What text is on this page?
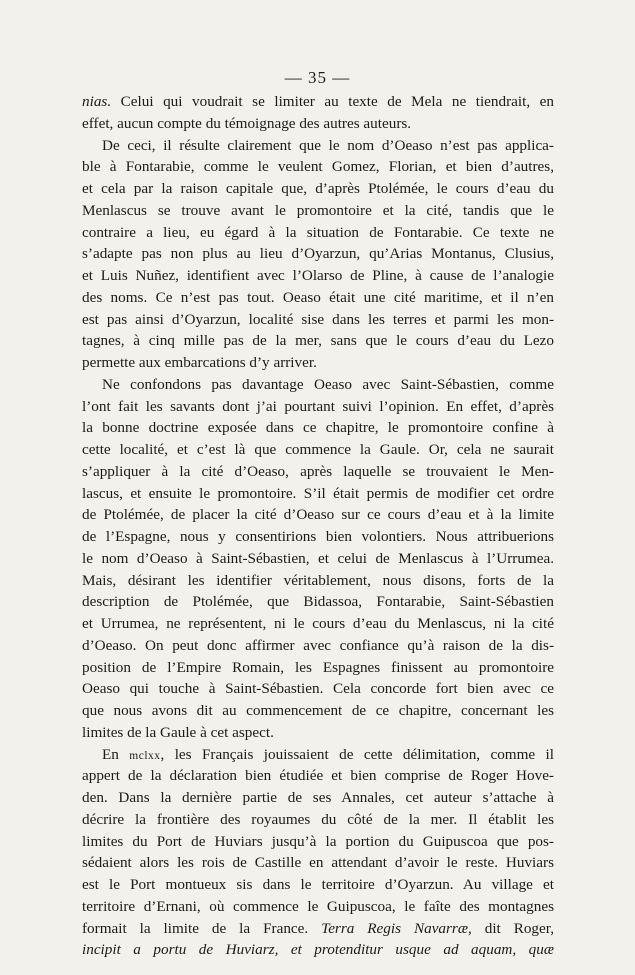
— 35 —
nias. Celui qui voudrait se limiter au texte de Mela ne tiendrait, en
effet, aucun compte du témoignage des autres auteurs.
De ceci, il résulte clairement que le nom d’Oeaso n’est pas applica-
ble à Fontarabie, comme le veulent Gomez, Florian, et bien d’autres,
et cela par la raison capitale que, d’après Ptolémée, le cours d’eau du
Menlascus se trouve avant le promontoire et la cité, tandis que le
contraire a lieu, eu égard à la situation de Fontarabie. Ce texte ne
s’adapte pas non plus au lieu d’Oyarzun, qu’Arias Montanus, Clusius,
et Luis Nuñez, identifient avec l’Olarso de Pline, à cause de l’analogie
des noms. Ce n’est pas tout. Oeaso était une cité maritime, et il n’en
est pas ainsi d’Oyarzun, localité sise dans les terres et parmi les mon-
tagnes, à cinq mille pas de la mer, sans que le cours d’eau du Lezo
permette aux embarcations d’y arriver.
Ne confondons pas davantage Oeaso avec Saint-Sébastien, comme
l’ont fait les savants dont j’ai pourtant suivi l’opinion. En effet, d’après
la bonne doctrine exposée dans ce chapitre, le promontoire confine à
cette localité, et c’est là que commence la Gaule. Or, cela ne saurait
s’appliquer à la cité d’Oeaso, après laquelle se trouvaient le Men-
lascus, et ensuite le promontoire. S’il était permis de modifier cet ordre
de Ptolémée, de placer la cité d’Oeaso sur ce cours d’eau et à la limite
de l’Espagne, nous y consentirions bien volontiers. Nous attribuerions
le nom d’Oeaso à Saint-Sébastien, et celui de Menlascus à l’Urrumea.
Mais, désirant les identifier véritablement, nous disons, forts de la
description de Ptolémée, que Bidassoa, Fontarabie, Saint-Sébastien
et Urrumea, ne représentent, ni le cours d’eau du Menlascus, ni la cité
d’Oeaso. On peut donc affirmer avec confiance qu’à raison de la dis-
position de l’Empire Romain, les Espagnes finissent au promontoire
Oeaso qui touche à Saint-Sébastien. Cela concorde fort bien avec ce
que nous avons dit au commencement de ce chapitre, concernant les
limites de la Gaule à cet aspect.
En mclxx, les Français jouissaient de cette délimitation, comme il
appert de la déclaration bien étudiée et bien comprise de Roger Hove-
den. Dans la dernière partie de ses Annales, cet auteur s’attache à
décrire la frontière des royaumes du côté de la mer. Il établit les
limites du Port de Huviars jusqu’à la portion du Guipuscoa que pos-
sédaient alors les rois de Castille en attendant d’avoir le reste. Huviars
est le Port montueux sis dans le territoire d’Oyarzun. Au village et
territoire d’Ernani, où commence le Guipuscoa, le faîte des montagnes
formait la limite de la France. Terra Regis Navarræ, dit Roger,
incipit a portu de Huviarz, et protenditur usque ad aquam, quæ
